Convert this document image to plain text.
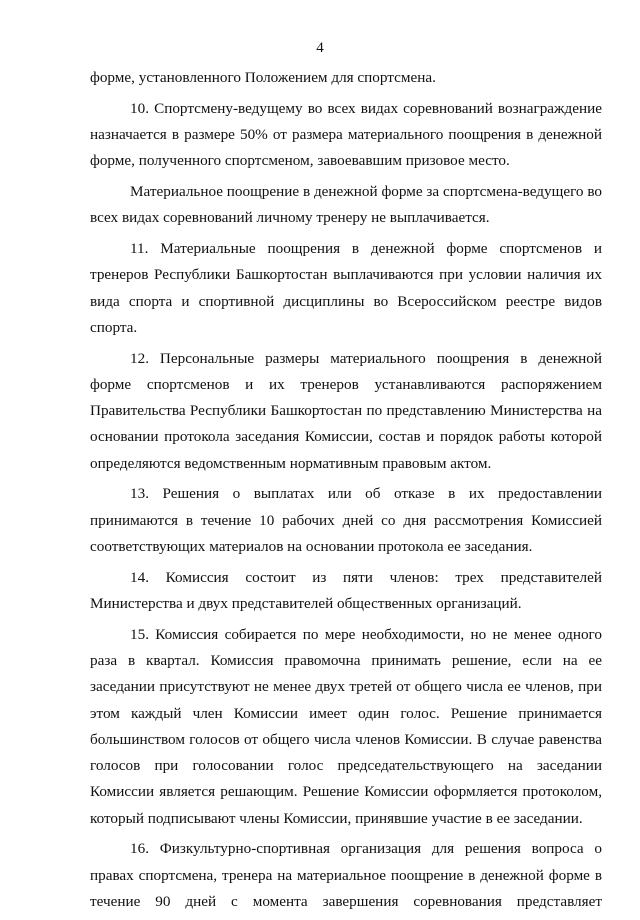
4

форме, установленного Положением для спортсмена.

10. Спортсмену-ведущему во всех видах соревнований вознаграждение назначается в размере 50% от размера материального поощрения в денежной форме, полученного спортсменом, завоевавшим призовое место.

Материальное поощрение в денежной форме за спортсмена-ведущего во всех видах соревнований личному тренеру не выплачивается.

11. Материальные поощрения в денежной форме спортсменов и тренеров Республики Башкортостан выплачиваются при условии наличия их вида спорта и спортивной дисциплины во Всероссийском реестре видов спорта.

12. Персональные размеры материального поощрения в денежной форме спортсменов и их тренеров устанавливаются распоряжением Правительства Республики Башкортостан по представлению Министерства на основании протокола заседания Комиссии, состав и порядок работы которой определяются ведомственным нормативным правовым актом.

13. Решения о выплатах или об отказе в их предоставлении принимаются в течение 10 рабочих дней со дня рассмотрения Комиссией соответствующих материалов на основании протокола ее заседания.

14. Комиссия состоит из пяти членов: трех представителей Министерства и двух представителей общественных организаций.

15. Комиссия собирается по мере необходимости, но не менее одного раза в квартал. Комиссия правомочна принимать решение, если на ее заседании присутствуют не менее двух третей от общего числа ее членов, при этом каждый член Комиссии имеет один голос. Решение принимается большинством голосов от общего числа членов Комиссии. В случае равенства голосов при голосовании голос председательствующего на заседании Комиссии является решающим. Решение Комиссии оформляется протоколом, который подписывают члены Комиссии, принявшие участие в ее заседании.

16. Физкультурно-спортивная организация для решения вопроса о правах спортсмена, тренера на материальное поощрение в денежной форме в течение 90 дней с момента завершения соревнования представляет
